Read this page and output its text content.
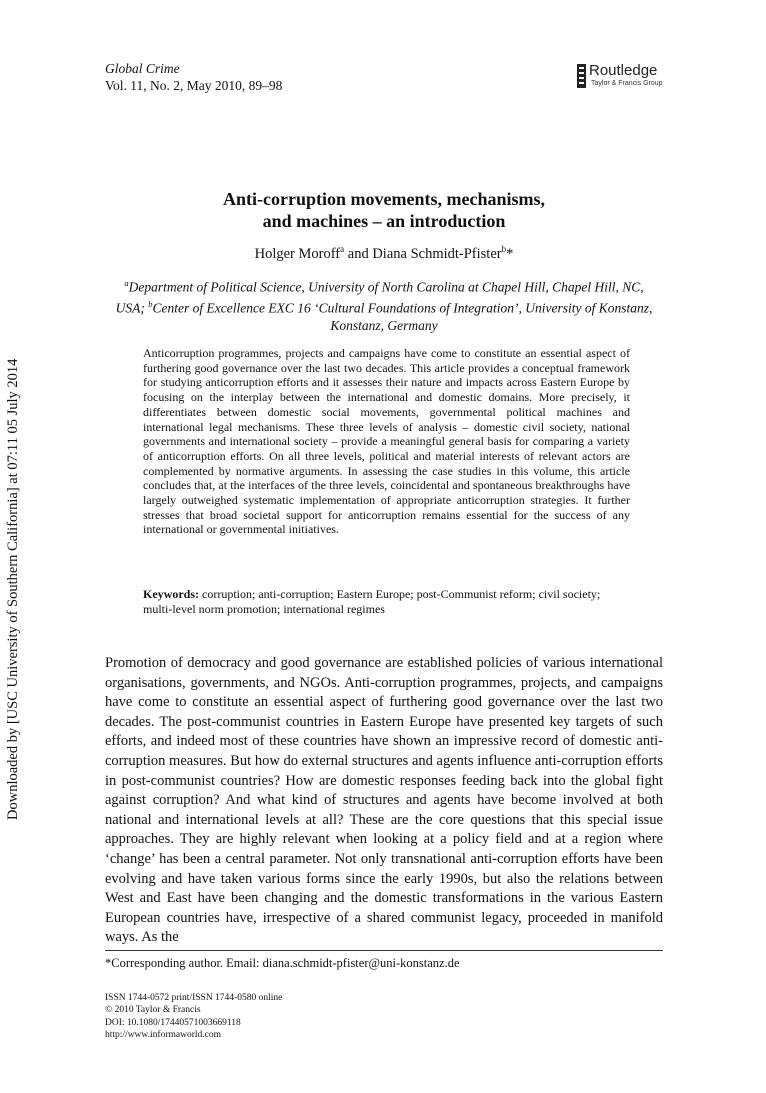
Global Crime
Vol. 11, No. 2, May 2010, 89–98
Routledge
Taylor & Francis Group
Downloaded by [USC University of Southern California] at 07:11 05 July 2014
Anti-corruption movements, mechanisms,
and machines – an introduction
Holger Moroff$^a$ and Diana Schmidt-Pfister$^b$*
$^a$Department of Political Science, University of North Carolina at Chapel Hill, Chapel Hill, NC, USA; $^b$Center of Excellence EXC 16 ‘Cultural Foundations of Integration’, University of Konstanz, Konstanz, Germany
Anticorruption programmes, projects and campaigns have come to constitute an essential aspect of furthering good governance over the last two decades. This article provides a conceptual framework for studying anticorruption efforts and it assesses their nature and impacts across Eastern Europe by focusing on the interplay between the international and domestic domains. More precisely, it differentiates between domestic social movements, governmental political machines and international legal mechanisms. These three levels of analysis – domestic civil society, national governments and international society – provide a meaningful general basis for comparing a variety of anticorruption efforts. On all three levels, political and material interests of relevant actors are complemented by normative arguments. In assessing the case studies in this volume, this article concludes that, at the interfaces of the three levels, coincidental and spontaneous breakthroughs have largely outweighed systematic implementation of appropriate anticorruption strategies. It further stresses that broad societal support for anticorruption remains essential for the success of any international or governmental initiatives.
Keywords: corruption; anti-corruption; Eastern Europe; post-Communist reform; civil society; multi-level norm promotion; international regimes
Promotion of democracy and good governance are established policies of various international organisations, governments, and NGOs. Anti-corruption programmes, projects, and campaigns have come to constitute an essential aspect of furthering good governance over the last two decades. The post-communist countries in Eastern Europe have presented key targets of such efforts, and indeed most of these countries have shown an impressive record of domestic anti-corruption measures. But how do external structures and agents influence anti-corruption efforts in post-communist countries? How are domestic responses feeding back into the global fight against corruption? And what kind of structures and agents have become involved at both national and international levels at all? These are the core questions that this special issue approaches. They are highly relevant when looking at a policy field and at a region where ‘change’ has been a central parameter. Not only transnational anti-corruption efforts have been evolving and have taken various forms since the early 1990s, but also the relations between West and East have been changing and the domestic transformations in the various Eastern European countries have, irrespective of a shared communist legacy, proceeded in manifold ways. As the
*Corresponding author. Email: diana.schmidt-pfister@uni-konstanz.de
ISSN 1744-0572 print/ISSN 1744-0580 online
© 2010 Taylor & Francis
DOI: 10.1080/17440571003669118
http://www.informaworld.com
